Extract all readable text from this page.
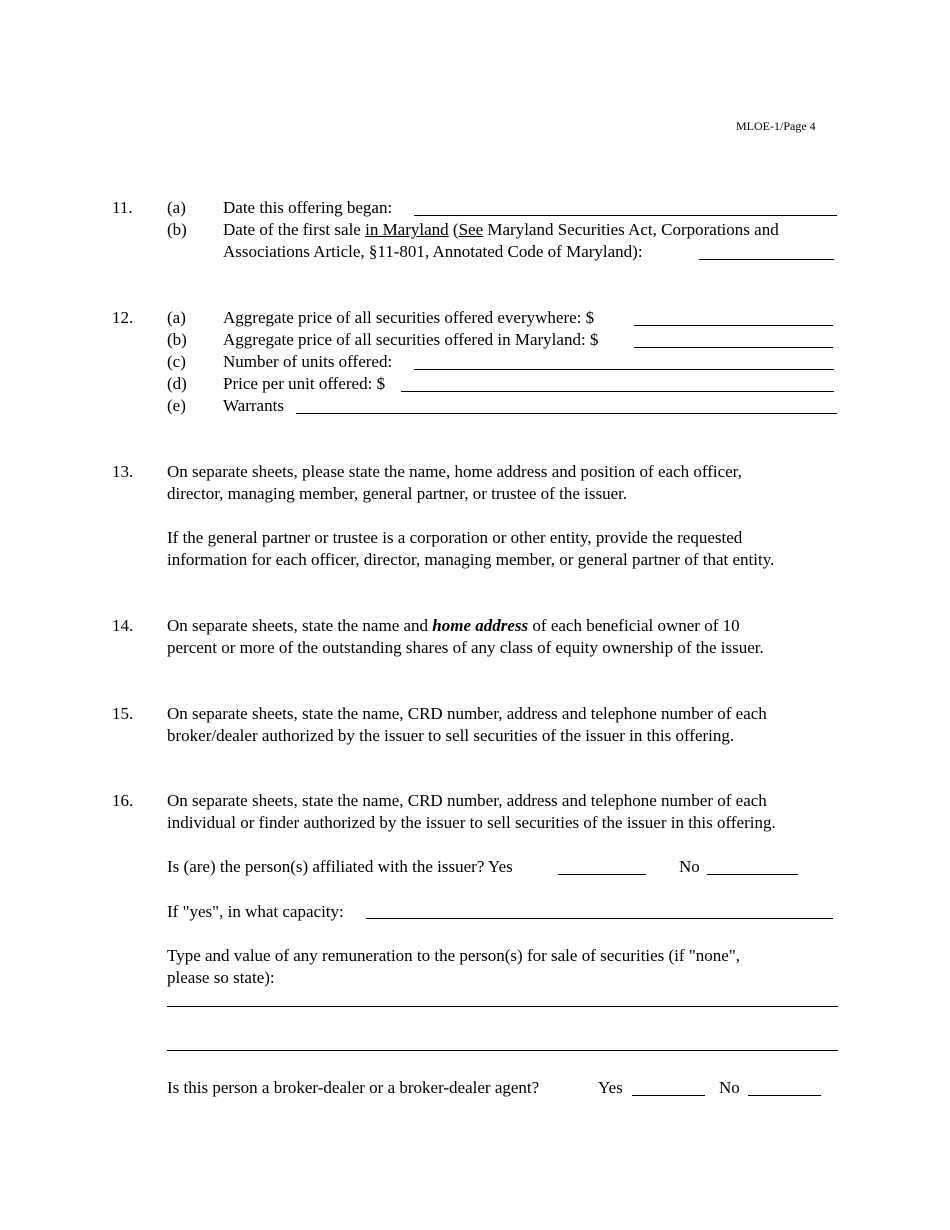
MLOE-1/Page 4
11. (a) Date this offering began:
(b) Date of the first sale in Maryland (See Maryland Securities Act, Corporations and
Associations Article, §11-801, Annotated Code of Maryland):
12. (a) Aggregate price of all securities offered everywhere: $
(b) Aggregate price of all securities offered in Maryland: $
(c) Number of units offered:
(d) Price per unit offered: $
(e) Warrants
13. On separate sheets, please state the name, home address and position of each officer,
director, managing member, general partner, or trustee of the issuer.
If the general partner or trustee is a corporation or other entity, provide the requested
information for each officer, director, managing member, or general partner of that entity.
14. On separate sheets, state the name and home address of each beneficial owner of 10
percent or more of the outstanding shares of any class of equity ownership of the issuer.
15. On separate sheets, state the name, CRD number, address and telephone number of each
broker/dealer authorized by the issuer to sell securities of the issuer in this offering.
16. On separate sheets, state the name, CRD number, address and telephone number of each
individual or finder authorized by the issuer to sell securities of the issuer in this offering.
Is (are) the person(s) affiliated with the issuer? Yes	No
If "yes", in what capacity:
Type and value of any remuneration to the person(s) for sale of securities (if "none",
please so state):
Is this person a broker-dealer or a broker-dealer agent?	Yes	No
